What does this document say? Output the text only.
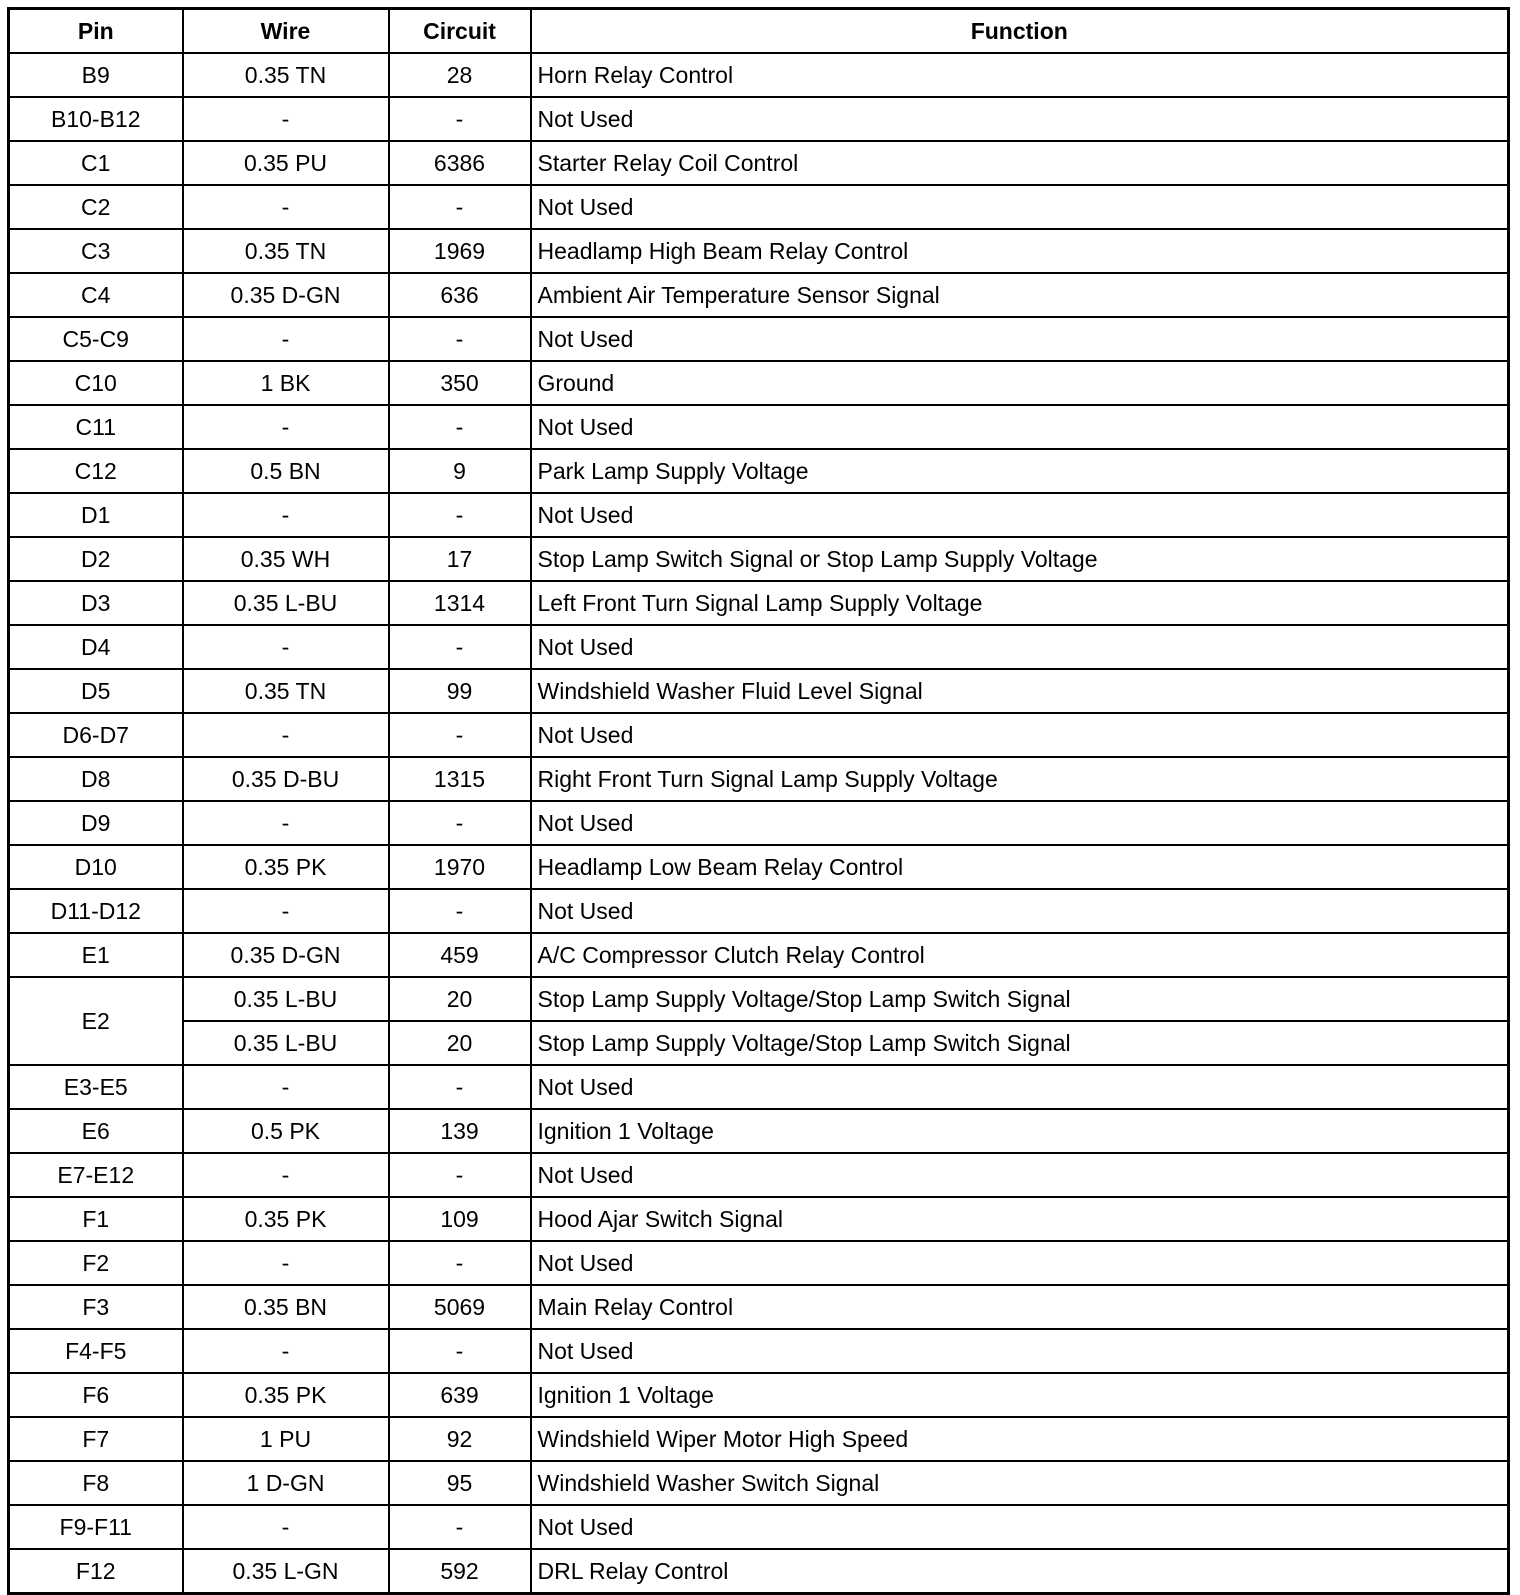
Pin	Wire	Circuit	Function
B9	0.35 TN	28	Horn Relay Control
B10-B12	-	-	Not Used
C1	0.35 PU	6386	Starter Relay Coil Control
C2	-	-	Not Used
C3	0.35 TN	1969	Headlamp High Beam Relay Control
C4	0.35 D-GN	636	Ambient Air Temperature Sensor Signal
C5-C9	-	-	Not Used
C10	1 BK	350	Ground
C11	-	-	Not Used
C12	0.5 BN	9	Park Lamp Supply Voltage
D1	-	-	Not Used
D2	0.35 WH	17	Stop Lamp Switch Signal or Stop Lamp Supply Voltage
D3	0.35 L-BU	1314	Left Front Turn Signal Lamp Supply Voltage
D4	-	-	Not Used
D5	0.35 TN	99	Windshield Washer Fluid Level Signal
D6-D7	-	-	Not Used
D8	0.35 D-BU	1315	Right Front Turn Signal Lamp Supply Voltage
D9	-	-	Not Used
D10	0.35 PK	1970	Headlamp Low Beam Relay Control
D11-D12	-	-	Not Used
E1	0.35 D-GN	459	A/C Compressor Clutch Relay Control
E2	0.35 L-BU	20	Stop Lamp Supply Voltage/Stop Lamp Switch Signal
	0.35 L-BU	20	Stop Lamp Supply Voltage/Stop Lamp Switch Signal
E3-E5	-	-	Not Used
E6	0.5 PK	139	Ignition 1 Voltage
E7-E12	-	-	Not Used
F1	0.35 PK	109	Hood Ajar Switch Signal
F2	-	-	Not Used
F3	0.35 BN	5069	Main Relay Control
F4-F5	-	-	Not Used
F6	0.35 PK	639	Ignition 1 Voltage
F7	1 PU	92	Windshield Wiper Motor High Speed
F8	1 D-GN	95	Windshield Washer Switch Signal
F9-F11	-	-	Not Used
F12	0.35 L-GN	592	DRL Relay Control
